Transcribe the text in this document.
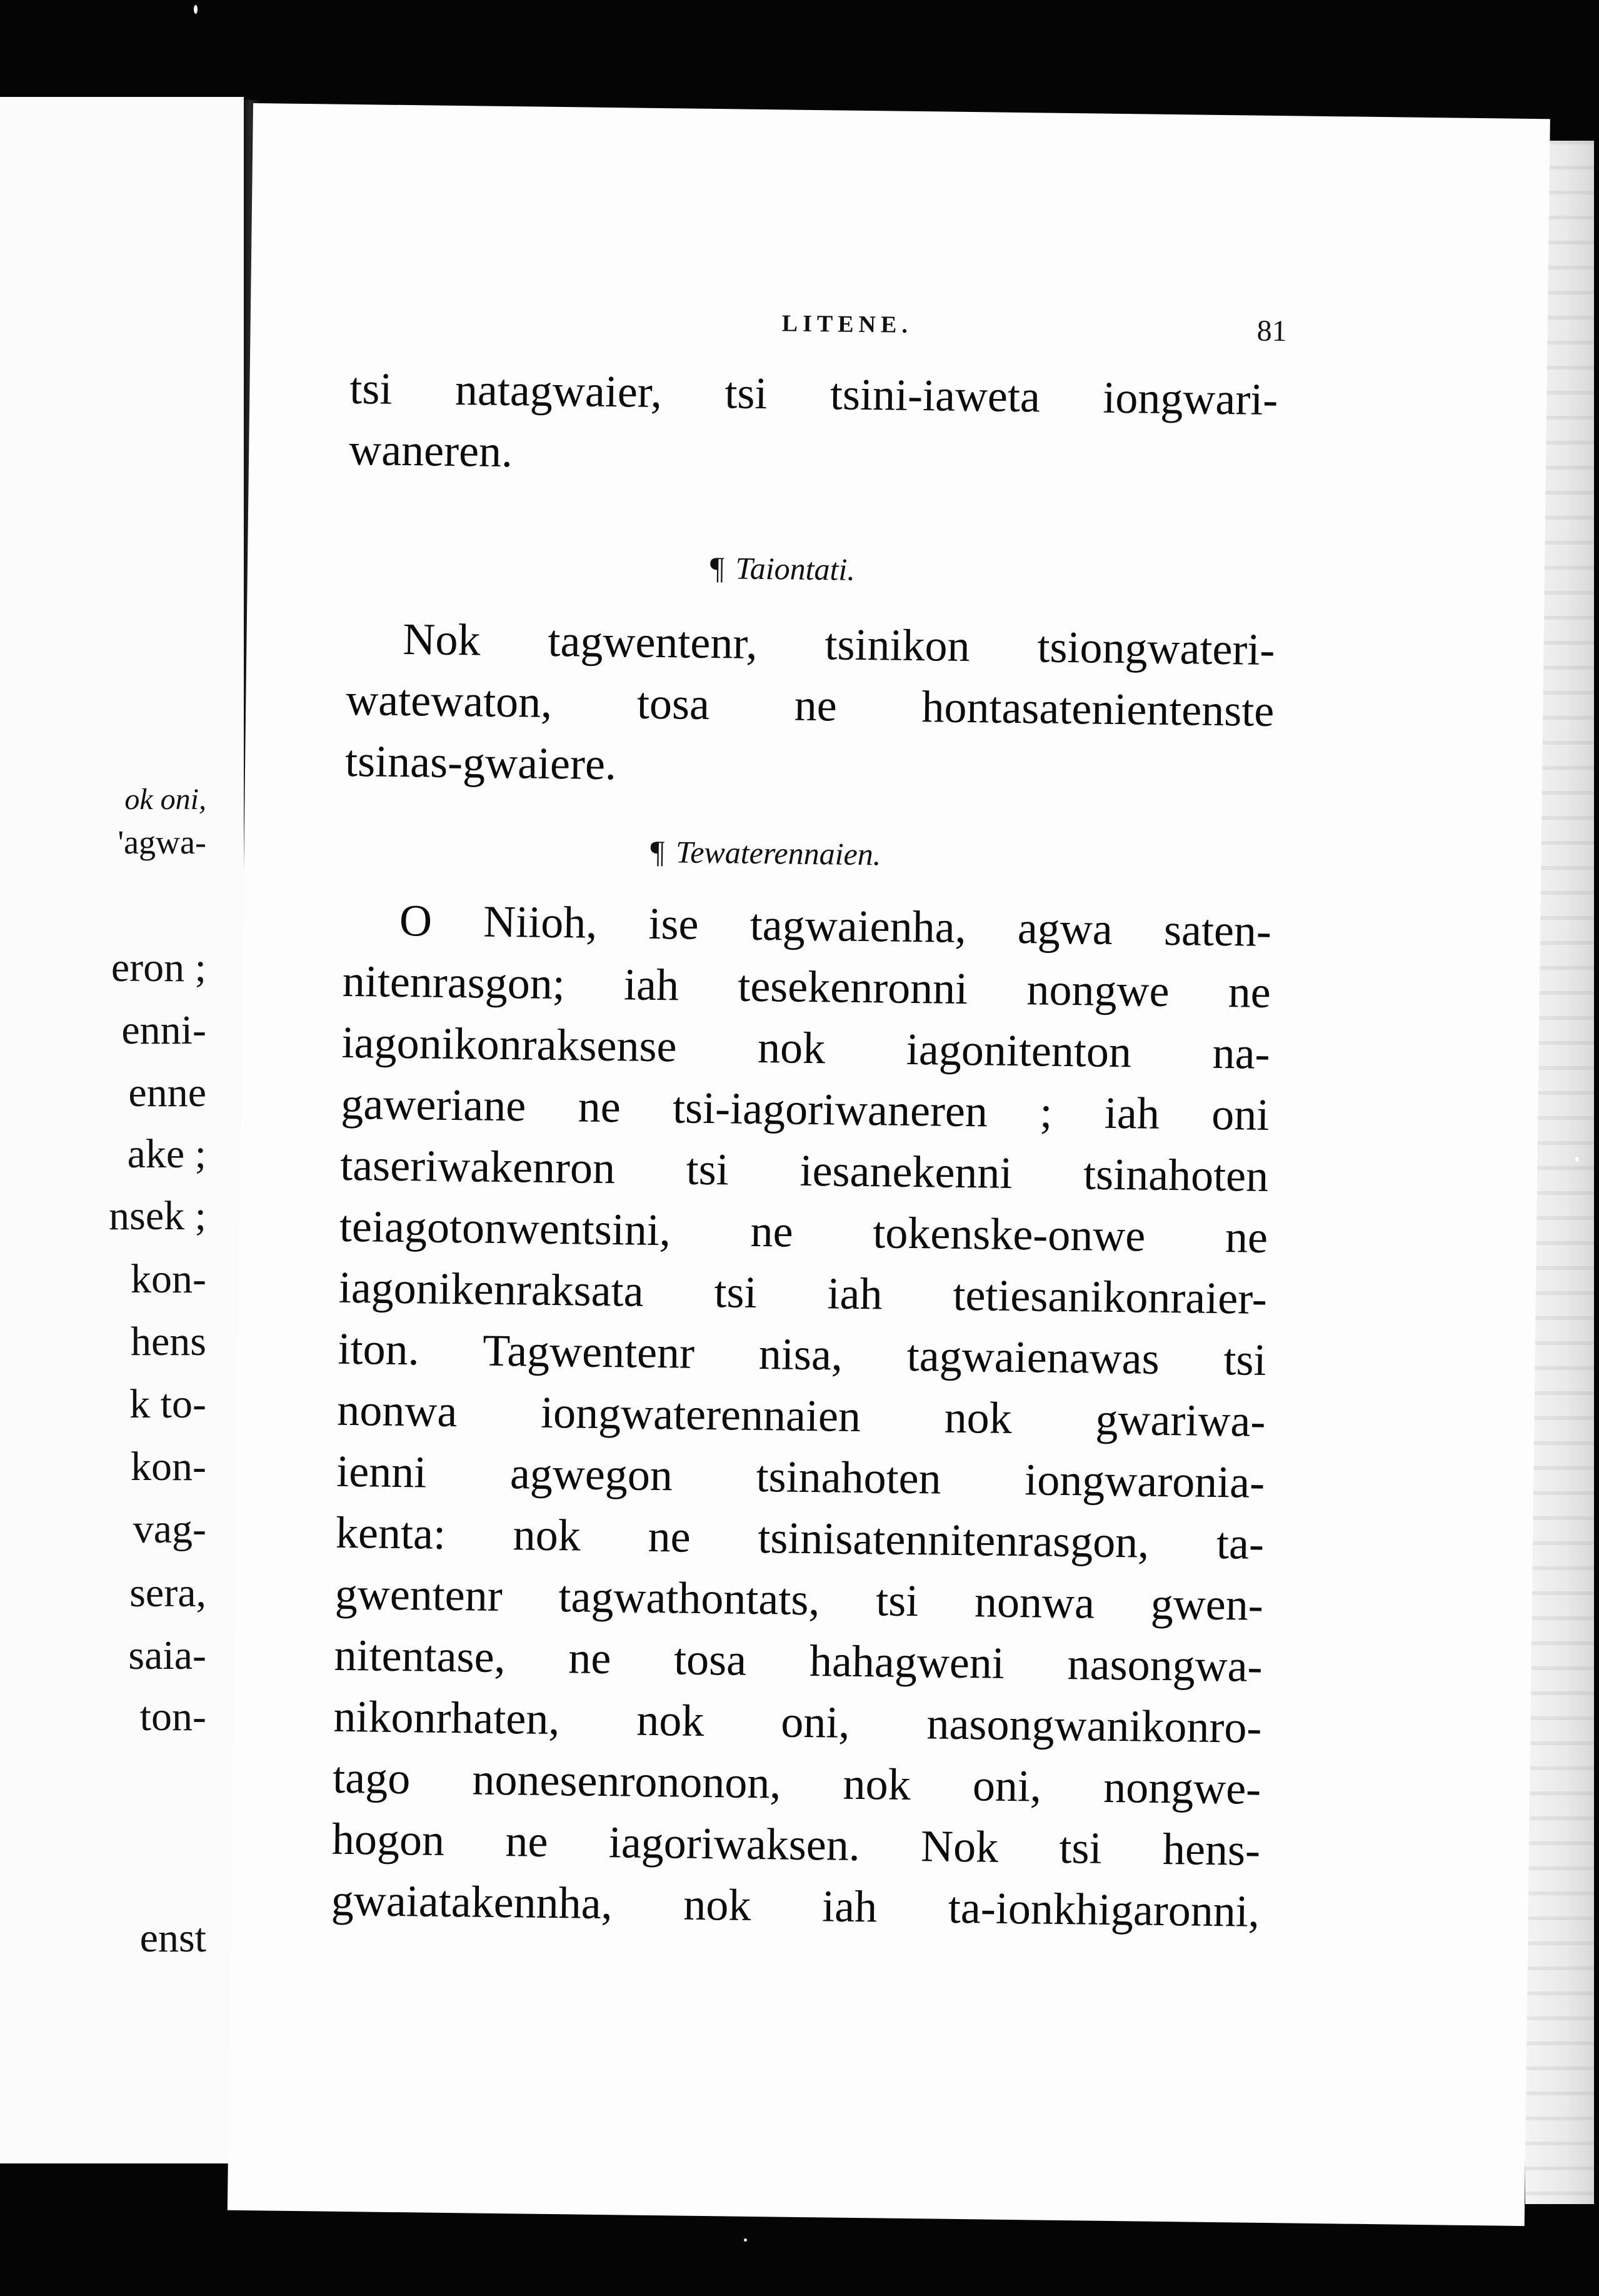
ok oni,

'agwa-

eron ;

enni-

enne

ake ;

nsek ;

kon-

hens

k to-

kon-

vag-

sera,

saia-

ton-

enst

LITENE.	81

tsi natagwaier, tsi tsini-iaweta iongwari-
waneren.

¶ Taiontati.

Nok tagwentenr, tsinikon tsiongwateri-
watewaton, tosa ne hontasatenientenste
tsinas-gwaiere.

¶ Tewaterennaien.

O Niioh, ise tagwaienha, agwa saten-
nitenrasgon; iah tesekenronni nongwe ne
iagonikonraksense nok iagonitenton na-
gaweriane ne tsi-iagoriwaneren ; iah oni
taseriwakenron tsi iesanekenni tsinahoten
teiagotonwentsini, ne tokenske-onwe ne
iagonikenraksata tsi iah tetiesanikonraier-
iton. Tagwentenr nisa, tagwaienawas tsi
nonwa iongwaterennaien nok gwariwa-
ienni agwegon tsinahoten iongwaronia-
kenta: nok ne tsinisatennitenrasgon, ta-
gwentenr tagwathontats, tsi nonwa gwen-
nitentase, ne tosa hahagweni nasongwa-
nikonrhaten, nok oni, nasongwanikonro-
tago nonesenrononon, nok oni, nongwe-
hogon ne iagoriwaksen. Nok tsi hens-
gwaiatakennha, nok iah ta-ionkhigaronni,
